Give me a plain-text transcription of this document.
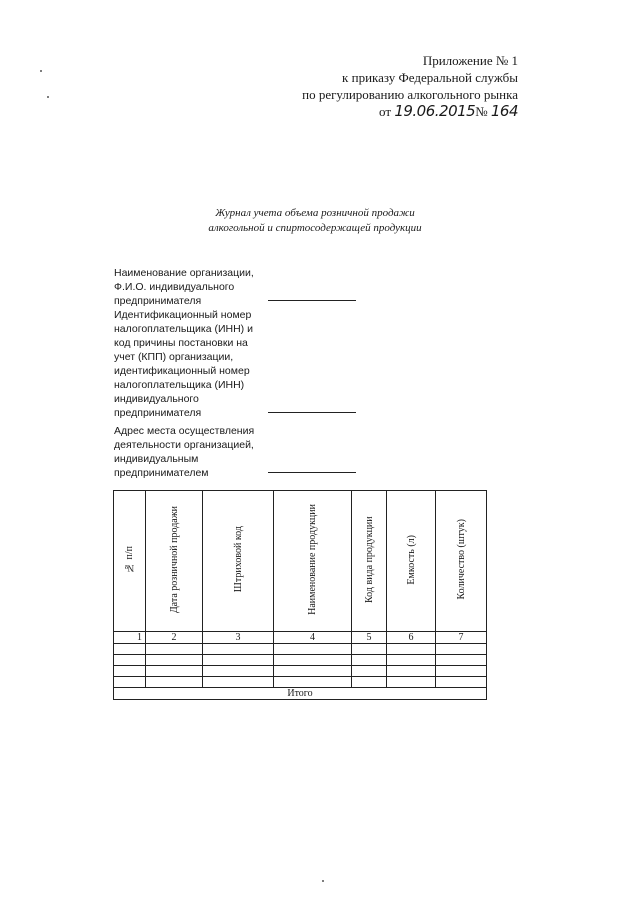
Приложение № 1
к приказу Федеральной службы
по регулированию алкогольного рынка
от 19.06.2015№ 164
Журнал учета объема розничной продажи
алкогольной и спиртосодержащей продукции
Наименование организации,
Ф.И.О. индивидуального
предпринимателя
Идентификационный номер
налогоплательщика (ИНН) и
код причины постановки на
учет (КПП) организации,
идентификационный номер
налогоплательщика (ИНН)
индивидуального
предпринимателя
Адрес места осуществления
деятельности организацией,
индивидуальным
предпринимателем
№ п/п	Дата розничной продажи	Штриховой код	Наименование продукции	Код вида продукции	Емкость (л)	Количество (штук)
1	2	3	4	5	6	7

Итого						
